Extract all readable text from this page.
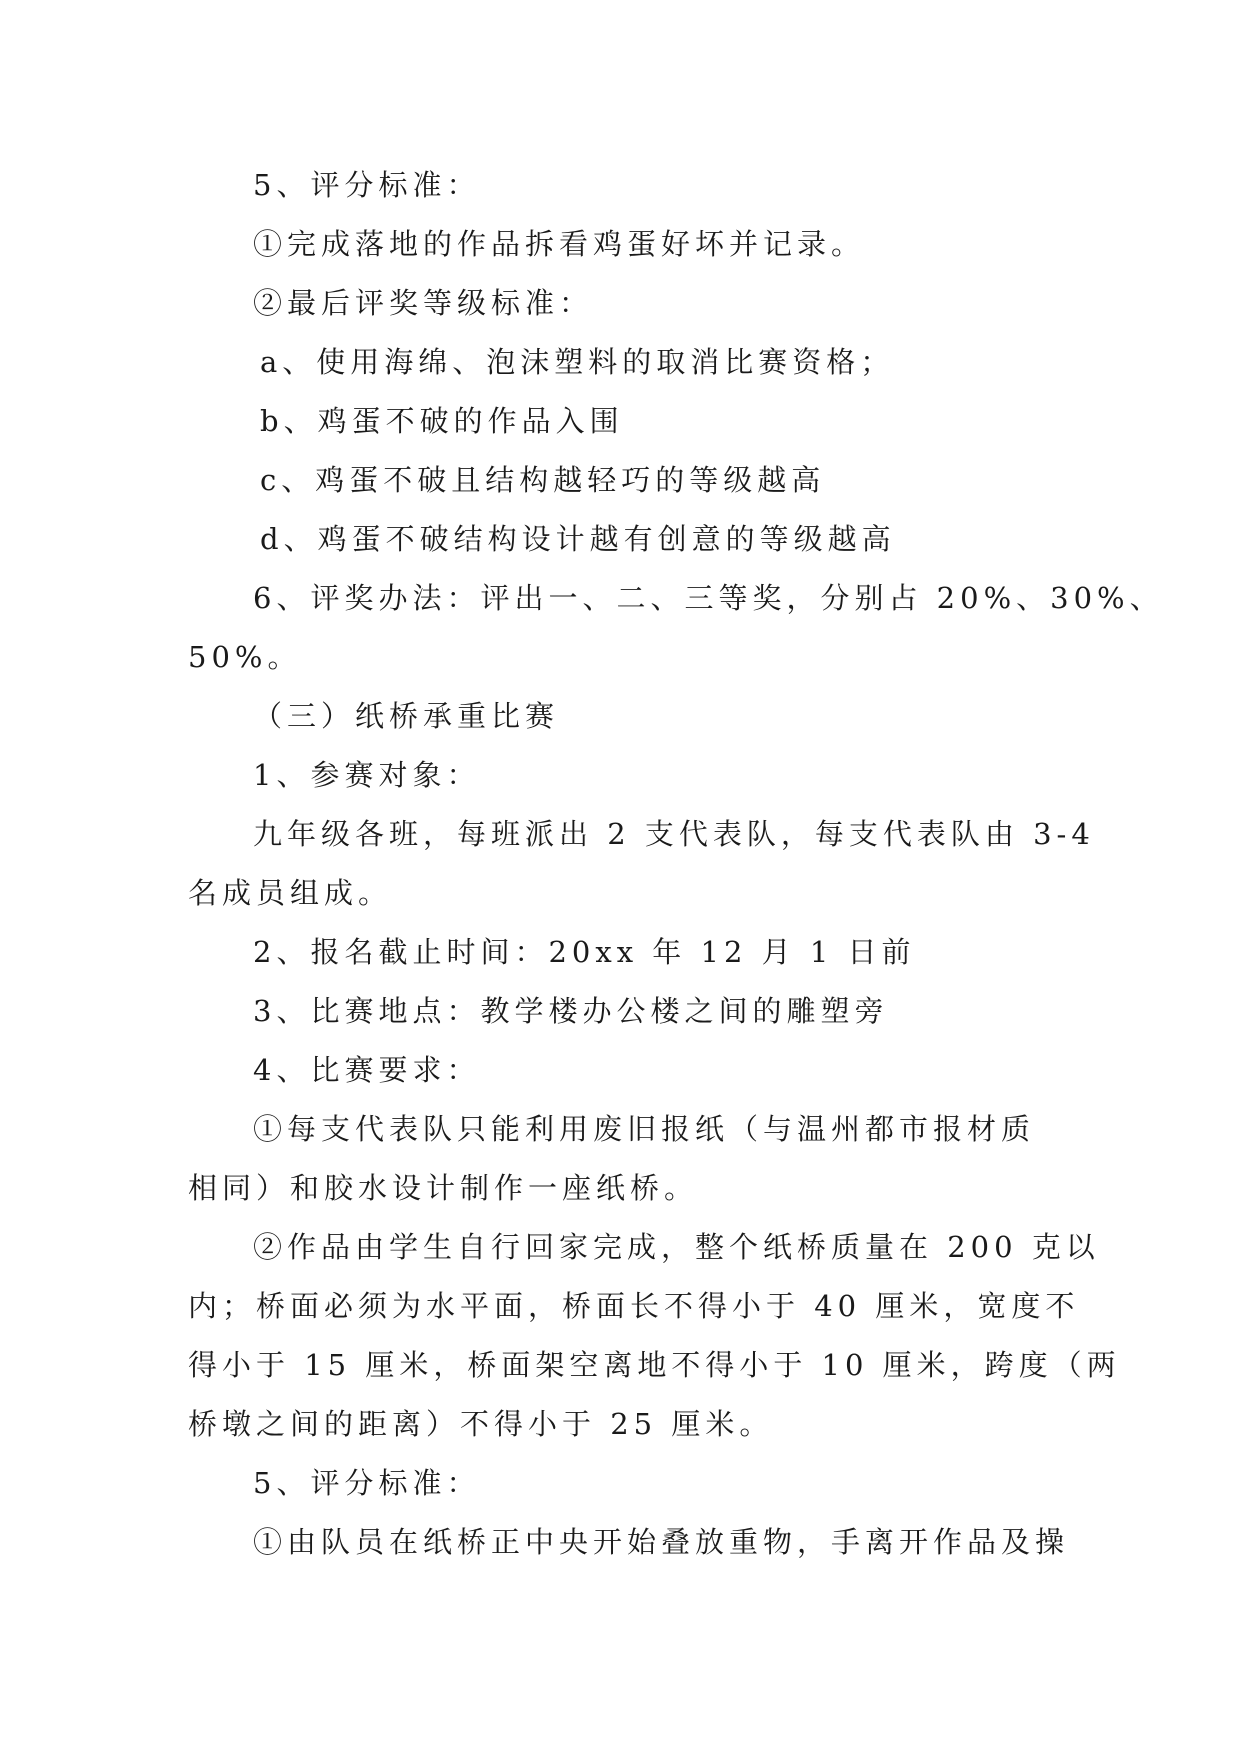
5、评分标准：

①完成落地的作品拆看鸡蛋好坏并记录。

②最后评奖等级标准：

a、使用海绵、泡沫塑料的取消比赛资格；

b、鸡蛋不破的作品入围

c、鸡蛋不破且结构越轻巧的等级越高

d、鸡蛋不破结构设计越有创意的等级越高

6、评奖办法：评出一、二、三等奖，分别占 20%、30%、

50%。

（三）纸桥承重比赛

1、参赛对象：

九年级各班，每班派出 2 支代表队，每支代表队由 3-4

名成员组成。

2、报名截止时间：20xx 年 12 月 1 日前

3、比赛地点：教学楼办公楼之间的雕塑旁

4、比赛要求：

①每支代表队只能利用废旧报纸（与温州都市报材质

相同）和胶水设计制作一座纸桥。

②作品由学生自行回家完成，整个纸桥质量在 200 克以

内；桥面必须为水平面，桥面长不得小于 40 厘米，宽度不

得小于 15 厘米，桥面架空离地不得小于 10 厘米，跨度（两

桥墩之间的距离）不得小于 25 厘米。

5、评分标准：

①由队员在纸桥正中央开始叠放重物，手离开作品及操
